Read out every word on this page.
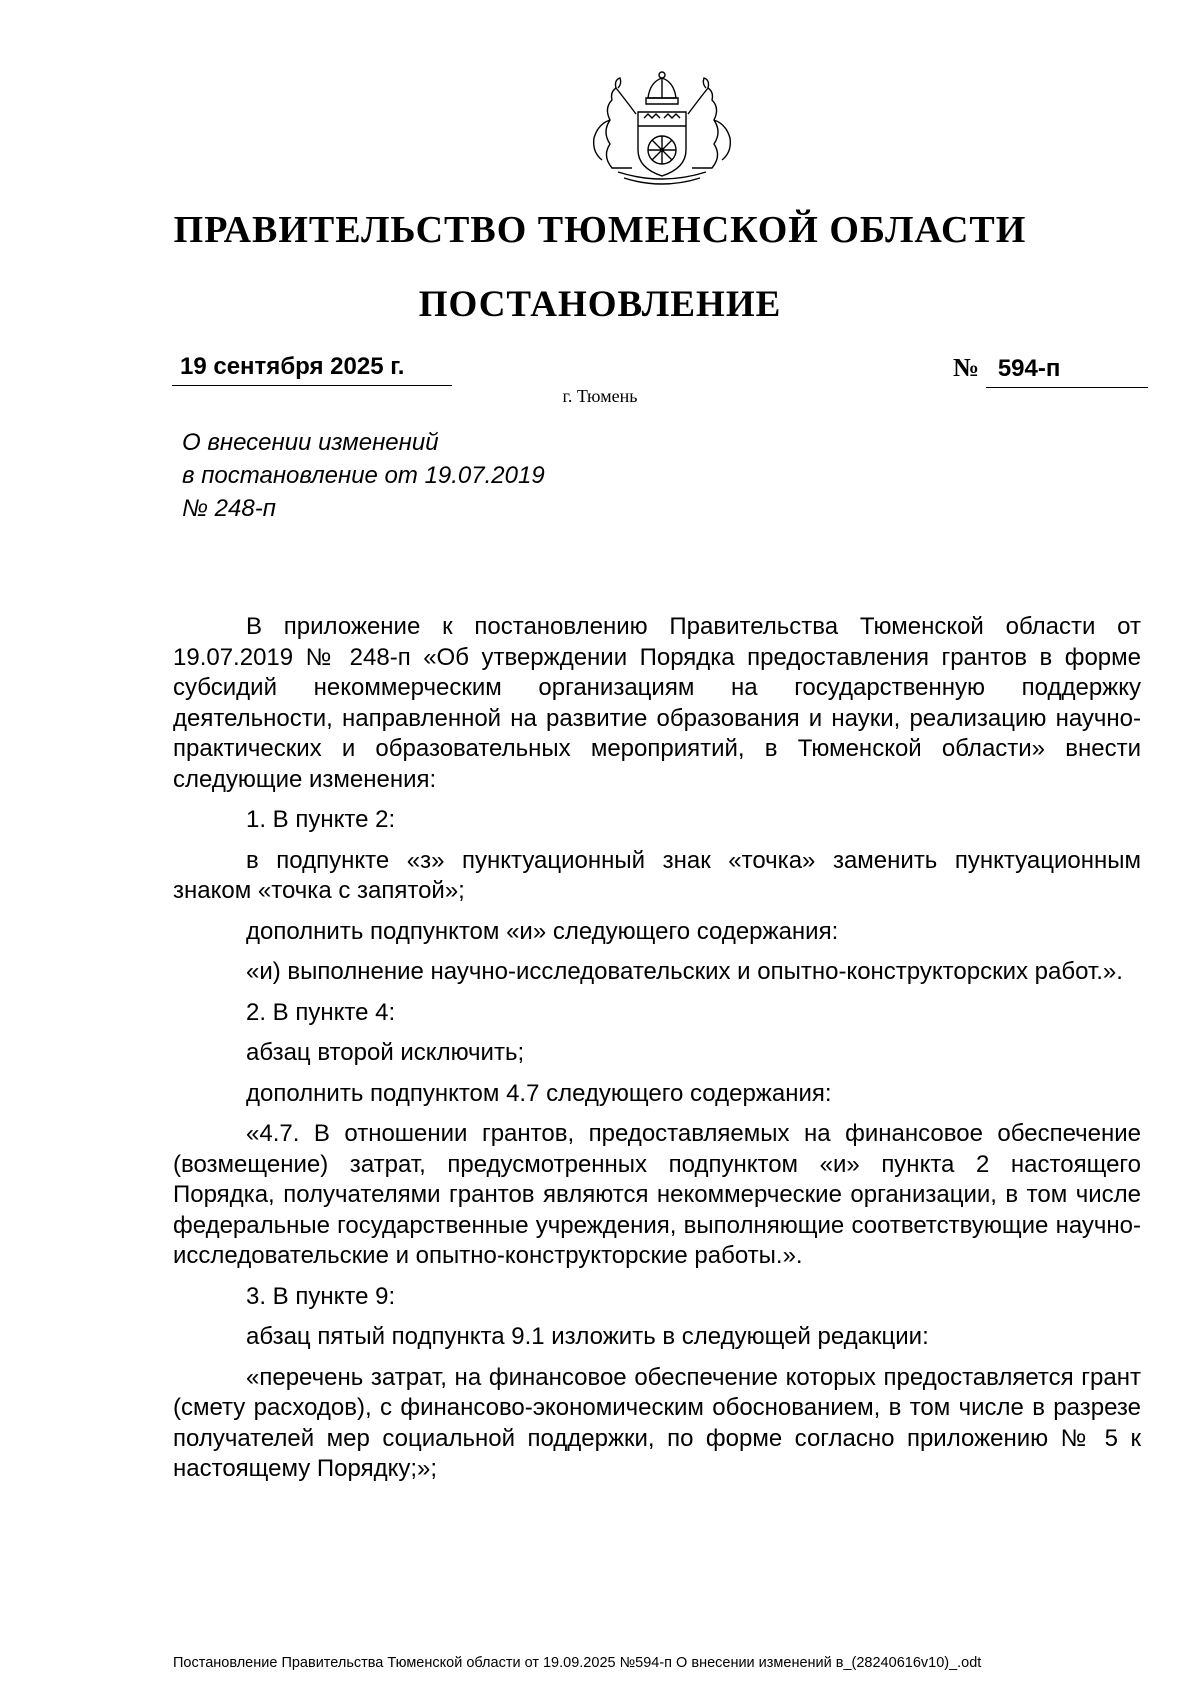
ПРАВИТЕЛЬСТВО ТЮМЕНСКОЙ ОБЛАСТИ
ПОСТАНОВЛЕНИЕ
19 сентября 2025 г.	№ 594-п
г. Тюмень
О внесении изменений
в постановление от 19.07.2019
№ 248-п

В приложение к постановлению Правительства Тюменской области от 19.07.2019 № 248-п «Об утверждении Порядка предоставления грантов в форме субсидий некоммерческим организациям на государственную поддержку деятельности, направленной на развитие образования и науки, реализацию научно-практических и образовательных мероприятий, в Тюменской области» внести следующие изменения:

1. В пункте 2:

в подпункте «з» пунктуационный знак «точка» заменить пунктуационным знаком «точка с запятой»;

дополнить подпунктом «и» следующего содержания:

«и) выполнение научно-исследовательских и опытно-конструкторских работ.».

2. В пункте 4:

абзац второй исключить;

дополнить подпунктом 4.7 следующего содержания:

«4.7. В отношении грантов, предоставляемых на финансовое обеспечение (возмещение) затрат, предусмотренных подпунктом «и» пункта 2 настоящего Порядка, получателями грантов являются некоммерческие организации, в том числе федеральные государственные учреждения, выполняющие соответствующие научно-исследовательские и опытно-конструкторские работы.».

3. В пункте 9:

абзац пятый подпункта 9.1 изложить в следующей редакции:

«перечень затрат, на финансовое обеспечение которых предоставляется грант (смету расходов), с финансово-экономическим обоснованием, в том числе в разрезе получателей мер социальной поддержки, по форме согласно приложению № 5 к настоящему Порядку;»;

Постановление Правительства Тюменской области от 19.09.2025 №594-п О внесении изменений в_(28240616v10)_.odt
